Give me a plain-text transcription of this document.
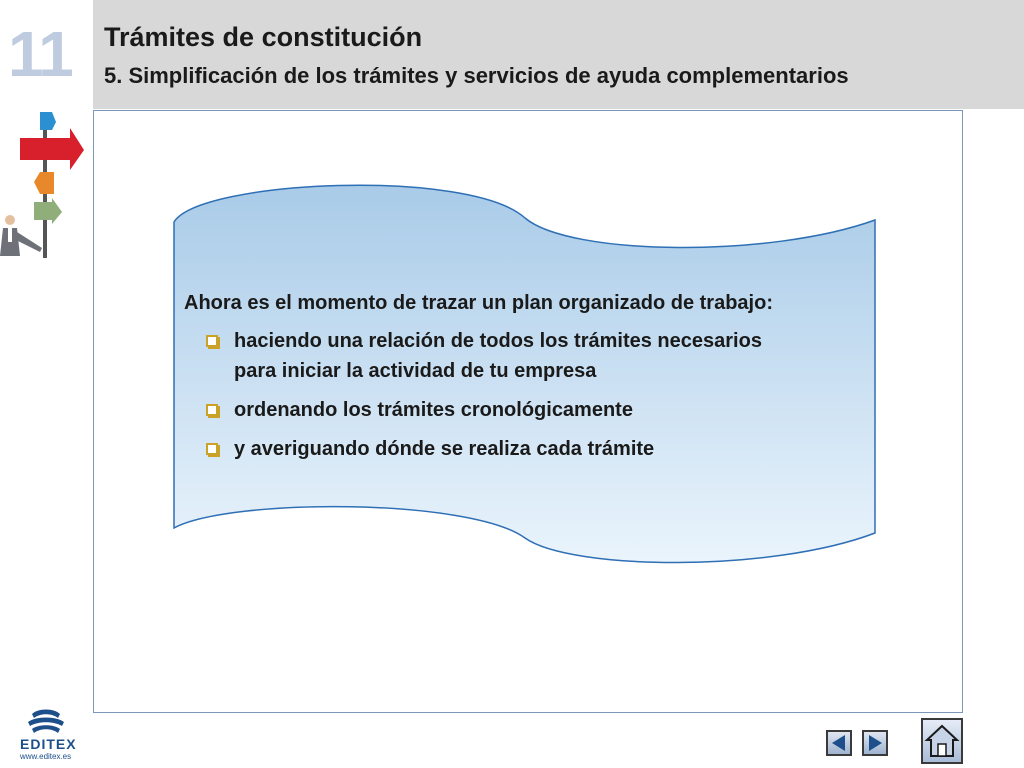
11	Trámites de constitución
5. Simplificación de los trámites y servicios de ayuda complementarios
Ahora es el momento de trazar un plan organizado de trabajo:
haciendo una relación de todos los trámites necesarios
para iniciar la actividad de tu empresa
ordenando los trámites cronológicamente
y averiguando dónde se realiza cada trámite
EDITEX
www.editex.es
